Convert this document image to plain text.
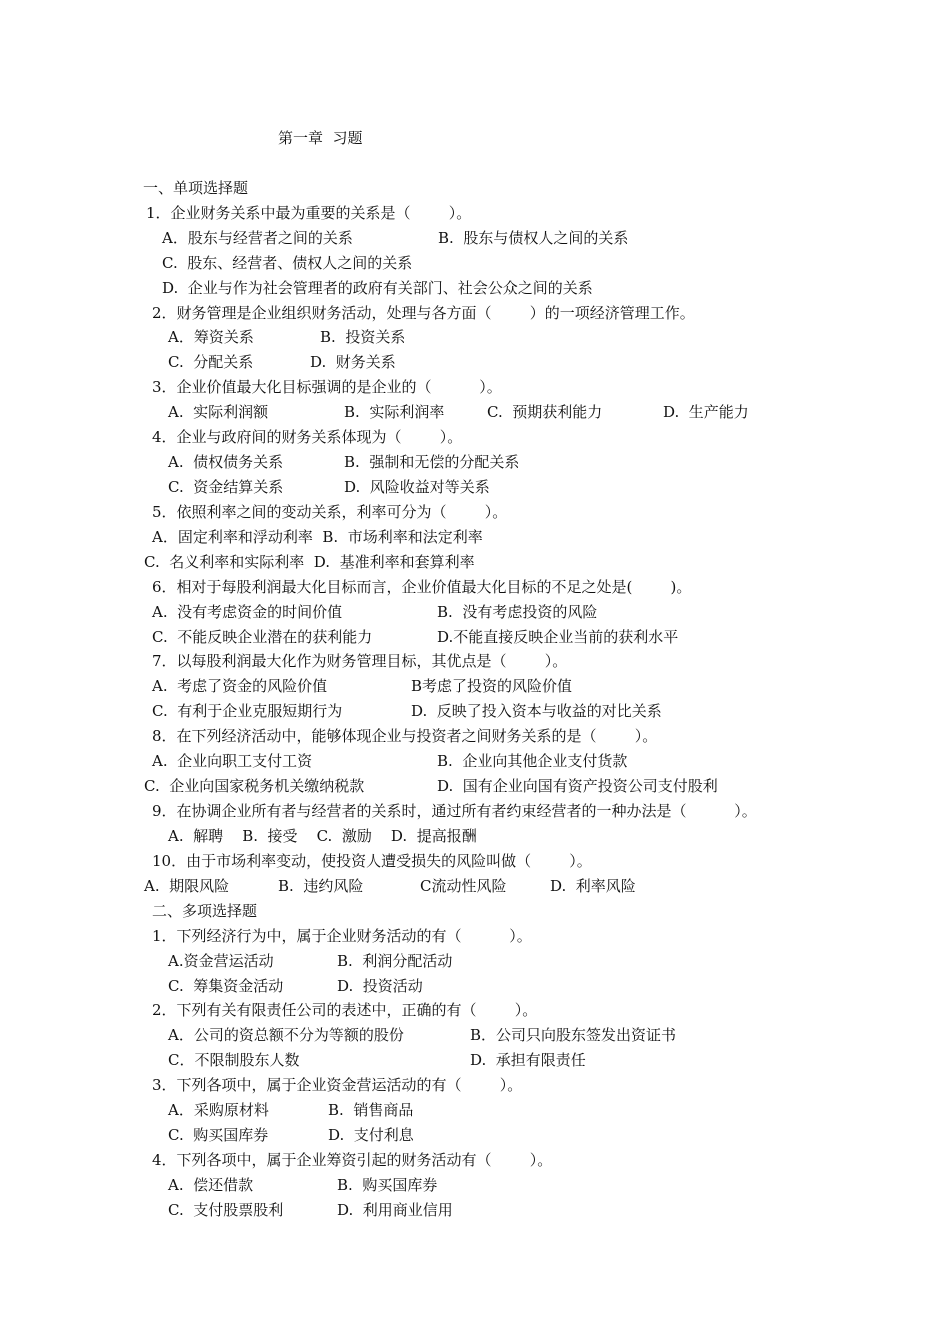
第一章  习题
一、单项选择题
1．企业财务关系中最为重要的关系是（        ）。
A．股东与经营者之间的关系	B.  股东与债权人之间的关系
C.  股东、经营者、债权人之间的关系
D.  企业与作为社会管理者的政府有关部门、社会公众之间的关系
2．财务管理是企业组织财务活动，处理与各方面（        ）的一项经济管理工作。
A．筹资关系	B.  投资关系
C.  分配关系	D.  财务关系
3．企业价值最大化目标强调的是企业的（          ）。
A.  实际利润额	B.  实际利润率	C.  预期获利能力	D.  生产能力
4．企业与政府间的财务关系体现为（        ）。
A.  债权债务关系	B.  强制和无偿的分配关系
C.  资金结算关系	D.  风险收益对等关系
5．依照利率之间的变动关系，利率可分为（        ）。
A．固定利率和浮动利率  B.  市场利率和法定利率
C.  名义利率和实际利率  D.  基准利率和套算利率
6．相对于每股利润最大化目标而言，企业价值最大化目标的不足之处是(        )。
A.  没有考虑资金的时间价值	B.  没有考虑投资的风险
C.  不能反映企业潜在的获利能力	D.不能直接反映企业当前的获利水平
7．以每股利润最大化作为财务管理目标，其优点是（        ）。
A.  考虑了资金的风险价值	B考虑了投资的风险价值
C.  有利于企业克服短期行为	D.  反映了投入资本与收益的对比关系
8．在下列经济活动中，能够体现企业与投资者之间财务关系的是（        ）。
A.  企业向职工支付工资	B.  企业向其他企业支付货款
C.  企业向国家税务机关缴纳税款	D.  国有企业向国有资产投资公司支付股利
9．在协调企业所有者与经营者的关系时，通过所有者约束经营者的一种办法是（          ）。
A.  解聘    B.  接受    C.  激励    D.  提高报酬
10．由于市场利率变动，使投资人遭受损失的风险叫做（        ）。
A.  期限风险	B.  违约风险	C流动性风险	D.  利率风险
二、多项选择题
1．下列经济行为中，属于企业财务活动的有（          ）。
A.资金营运活动	B.  利润分配活动
C.  筹集资金活动	D.  投资活动
2．下列有关有限责任公司的表述中，正确的有（        ）。
A．公司的资总额不分为等额的股份	B．公司只向股东签发出资证书
C．不限制股东人数	D.  承担有限责任
3．下列各项中，属于企业资金营运活动的有（        ）。
A．采购原材料	B.  销售商品
C.  购买国库券	D.  支付利息
4．下列各项中，属于企业筹资引起的财务活动有（        ）。
A.  偿还借款	B.  购买国库券
C.  支付股票股利	D.  利用商业信用
